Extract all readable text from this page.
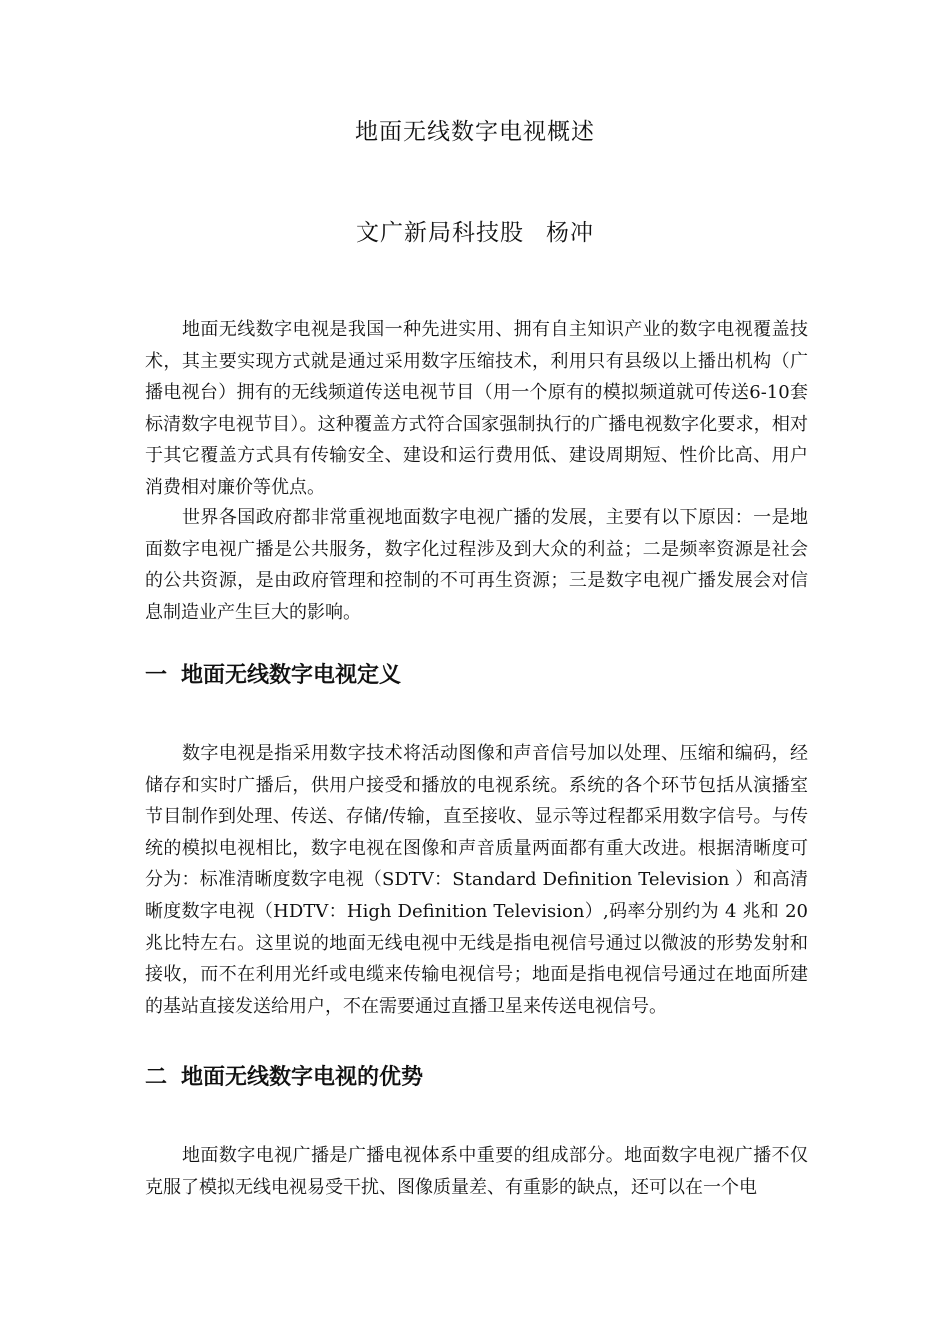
地面无线数字电视概述
文广新局科技股 杨冲

地面无线数字电视是我国一种先进实用、拥有自主知识产业的数字电视覆盖技术，其主要实现方式就是通过采用数字压缩技术，利用只有县级以上播出机构（广播电视台）拥有的无线频道传送电视节目（用一个原有的模拟频道就可传送6-10套标清数字电视节目）。这种覆盖方式符合国家强制执行的广播电视数字化要求，相对于其它覆盖方式具有传输安全、建设和运行费用低、建设周期短、性价比高、用户消费相对廉价等优点。

世界各国政府都非常重视地面数字电视广播的发展，主要有以下原因：一是地面数字电视广播是公共服务，数字化过程涉及到大众的利益；二是频率资源是社会的公共资源，是由政府管理和控制的不可再生资源；三是数字电视广播发展会对信息制造业产生巨大的影响。

一 地面无线数字电视定义

数字电视是指采用数字技术将活动图像和声音信号加以处理、压缩和编码，经储存和实时广播后，供用户接受和播放的电视系统。系统的各个环节包括从演播室节目制作到处理、传送、存储/传输，直至接收、显示等过程都采用数字信号。与传统的模拟电视相比，数字电视在图像和声音质量两面都有重大改进。根据清晰度可分为：标准清晰度数字电视（SDTV：Standard Definition Television ）和高清晰度数字电视（HDTV：High Definition Television）,码率分别约为 4 兆和 20 兆比特左右。这里说的地面无线电视中无线是指电视信号通过以微波的形势发射和接收，而不在利用光纤或电缆来传输电视信号；地面是指电视信号通过在地面所建的基站直接发送给用户，不在需要通过直播卫星来传送电视信号。

二 地面无线数字电视的优势

地面数字电视广播是广播电视体系中重要的组成部分。地面数字电视广播不仅克服了模拟无线电视易受干扰、图像质量差、有重影的缺点，还可以在一个电
